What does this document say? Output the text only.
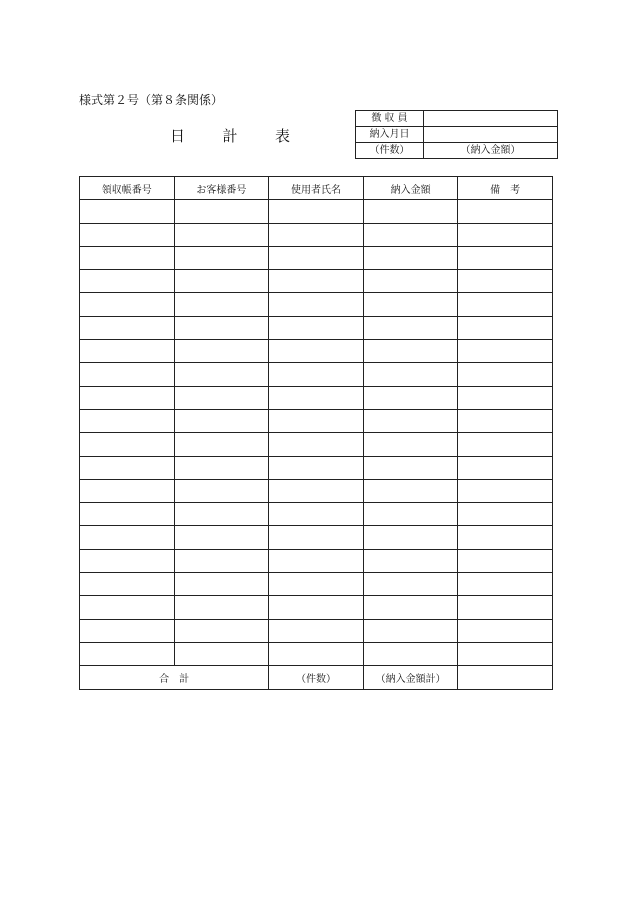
様式第２号（第８条関係）
日 計 表
徴 収 員	
納入月日	
（件数）	（納入金額）
領収帳番号	お客様番号	使用者氏名	納入金額	備　考

合　計		（件数）	（納入金額計）	
